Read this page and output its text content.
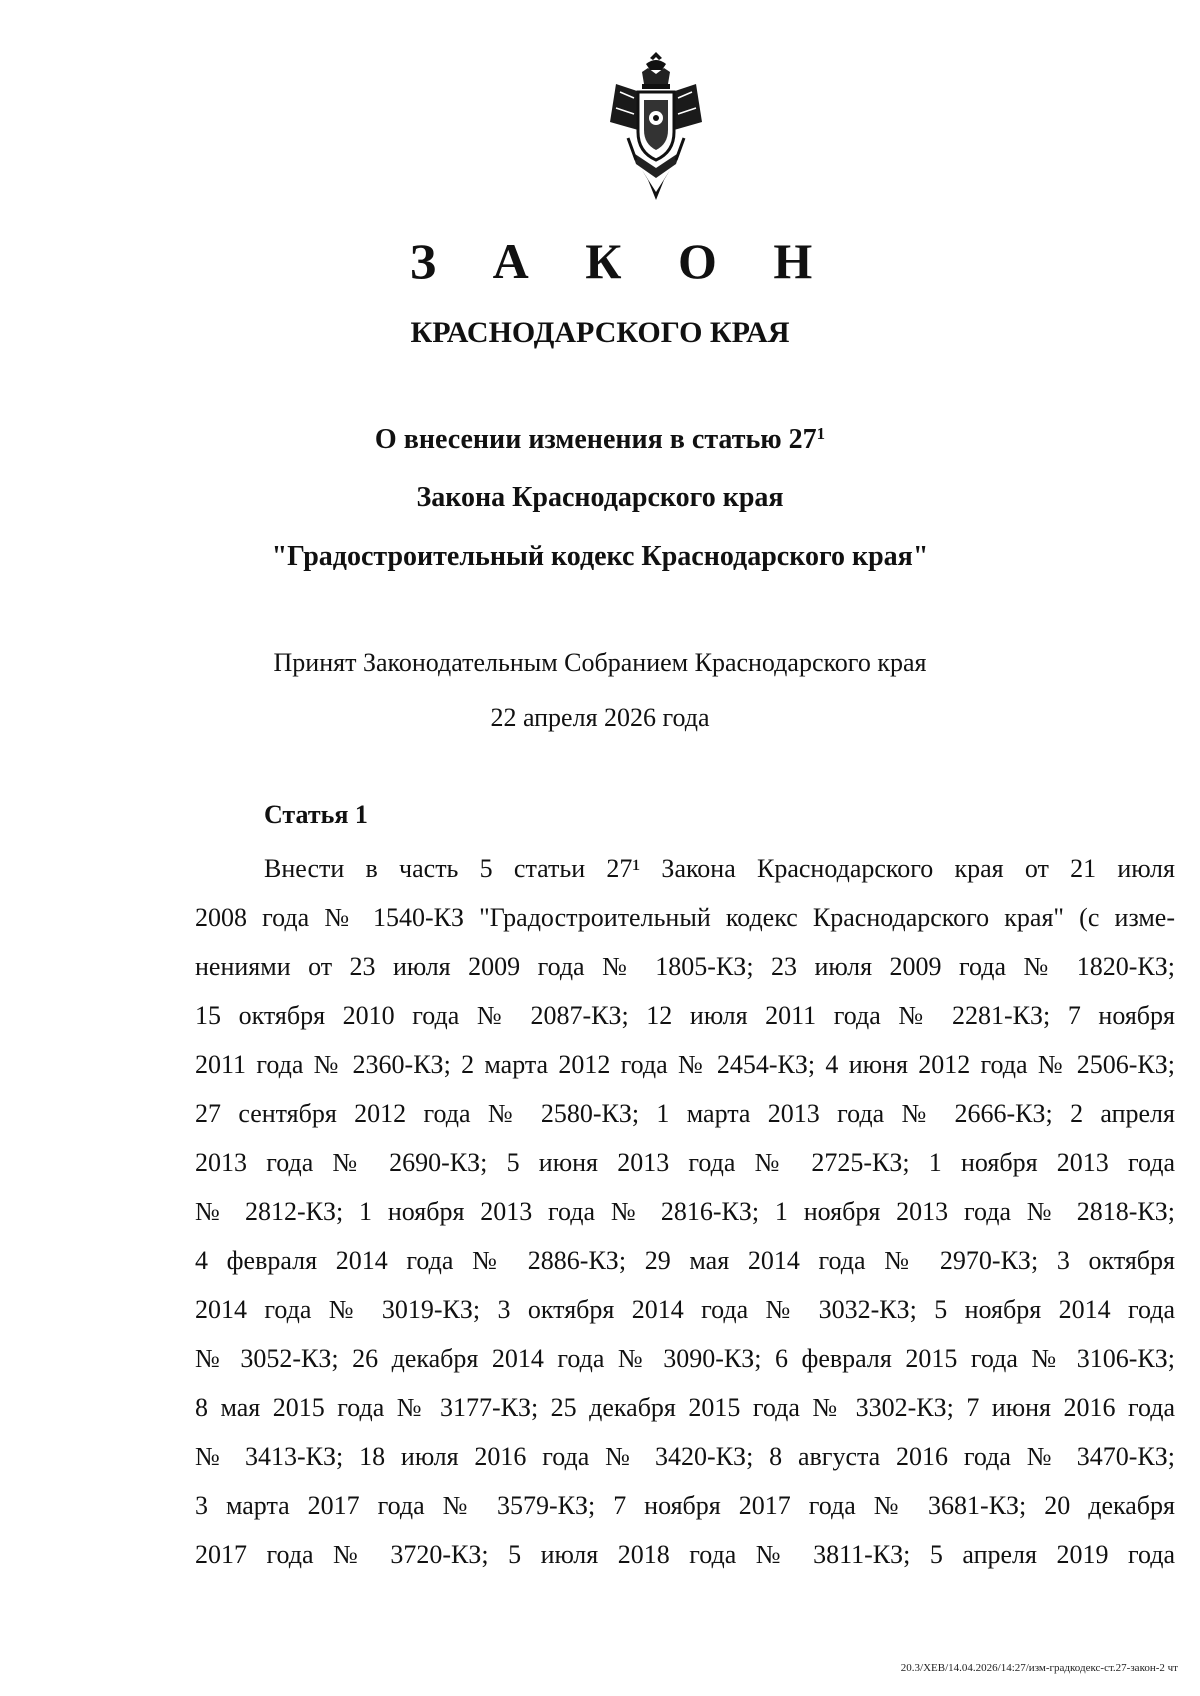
З А К О Н
КРАСНОДАРСКОГО КРАЯ
О внесении изменения в статью $27^1$
Закона Краснодарского края
"Градостроительный кодекс Краснодарского края"
Принят Законодательным Собранием Краснодарского края
22 апреля 2026 года
Статья 1
Внести в часть 5 статьи 27¹ Закона Краснодарского края от 21 июля
2008 года № 1540-КЗ "Градостроительный кодекс Краснодарского края" (с изме-
нениями от 23 июля 2009 года № 1805-КЗ; 23 июля 2009 года № 1820-КЗ;
15 октября 2010 года № 2087-КЗ; 12 июля 2011 года № 2281-КЗ; 7 ноября
2011 года № 2360-КЗ; 2 марта 2012 года № 2454-КЗ; 4 июня 2012 года № 2506-КЗ;
27 сентября 2012 года № 2580-КЗ; 1 марта 2013 года № 2666-КЗ; 2 апреля
2013 года № 2690-КЗ; 5 июня 2013 года № 2725-КЗ; 1 ноября 2013 года
№ 2812-КЗ; 1 ноября 2013 года № 2816-КЗ; 1 ноября 2013 года № 2818-КЗ;
4 февраля 2014 года № 2886-КЗ; 29 мая 2014 года № 2970-КЗ; 3 октября
2014 года № 3019-КЗ; 3 октября 2014 года № 3032-КЗ; 5 ноября 2014 года
№ 3052-КЗ; 26 декабря 2014 года № 3090-КЗ; 6 февраля 2015 года № 3106-КЗ;
8 мая 2015 года № 3177-КЗ; 25 декабря 2015 года № 3302-КЗ; 7 июня 2016 года
№ 3413-КЗ; 18 июля 2016 года № 3420-КЗ; 8 августа 2016 года № 3470-КЗ;
3 марта 2017 года № 3579-КЗ; 7 ноября 2017 года № 3681-КЗ; 20 декабря
2017 года № 3720-КЗ; 5 июля 2018 года № 3811-КЗ; 5 апреля 2019 года
20.3/ХЕВ/14.04.2026/14:27/изм-градкодекс-ст.27-закон-2 чт
